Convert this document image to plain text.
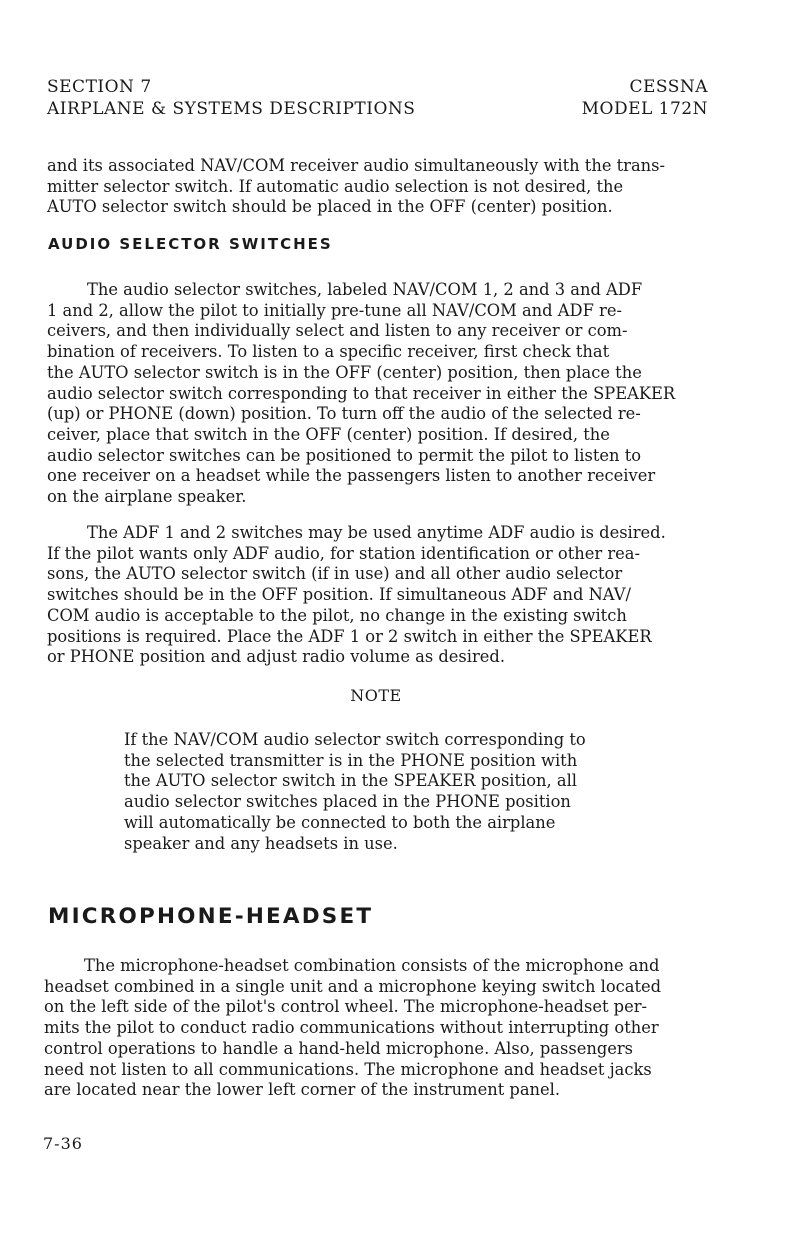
SECTION 7
AIRPLANE & SYSTEMS DESCRIPTIONS
CESSNA
MODEL 172N
and its associated NAV/COM receiver audio simultaneously with the trans-
mitter selector switch. If automatic audio selection is not desired, the
AUTO selector switch should be placed in the OFF (center) position.
AUDIO SELECTOR SWITCHES
The audio selector switches, labeled NAV/COM 1, 2 and 3 and ADF
1 and 2, allow the pilot to initially pre-tune all NAV/COM and ADF re-
ceivers, and then individually select and listen to any receiver or com-
bination of receivers. To listen to a specific receiver, first check that
the AUTO selector switch is in the OFF (center) position, then place the
audio selector switch corresponding to that receiver in either the SPEAKER
(up) or PHONE (down) position. To turn off the audio of the selected re-
ceiver, place that switch in the OFF (center) position. If desired, the
audio selector switches can be positioned to permit the pilot to listen to
one receiver on a headset while the passengers listen to another receiver
on the airplane speaker.
The ADF 1 and 2 switches may be used anytime ADF audio is desired.
If the pilot wants only ADF audio, for station identification or other rea-
sons, the AUTO selector switch (if in use) and all other audio selector
switches should be in the OFF position. If simultaneous ADF and NAV/
COM audio is acceptable to the pilot, no change in the existing switch
positions is required. Place the ADF 1 or 2 switch in either the SPEAKER
or PHONE position and adjust radio volume as desired.
NOTE
If the NAV/COM audio selector switch corresponding to
the selected transmitter is in the PHONE position with
the AUTO selector switch in the SPEAKER position, all
audio selector switches placed in the PHONE position
will automatically be connected to both the airplane
speaker and any headsets in use.
MICROPHONE-HEADSET
The microphone-headset combination consists of the microphone and
headset combined in a single unit and a microphone keying switch located
on the left side of the pilot's control wheel. The microphone-headset per-
mits the pilot to conduct radio communications without interrupting other
control operations to handle a hand-held microphone. Also, passengers
need not listen to all communications. The microphone and headset jacks
are located near the lower left corner of the instrument panel.
7-36
